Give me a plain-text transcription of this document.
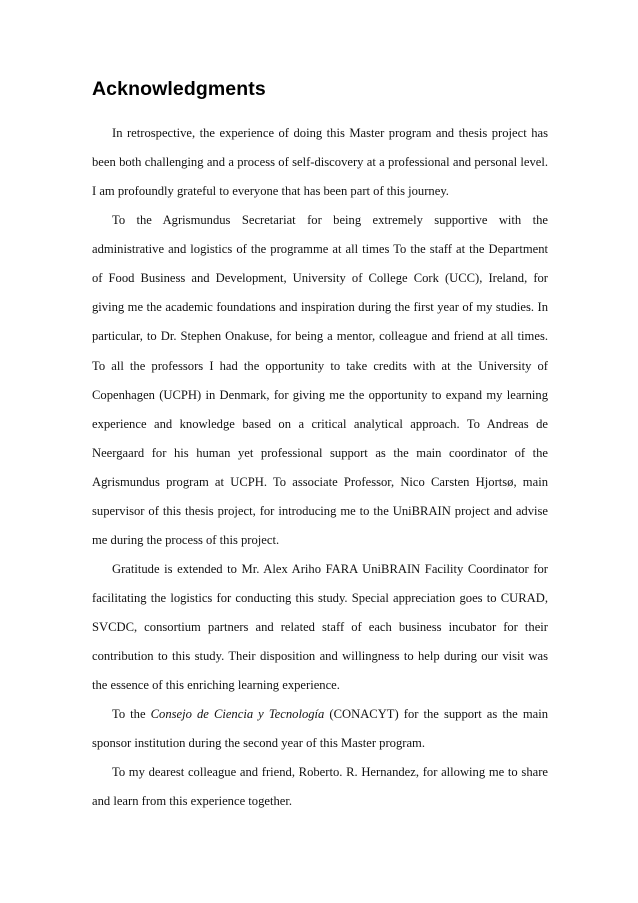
Acknowledgments

In retrospective, the experience of doing this Master program and thesis project has been both challenging and a process of self-discovery at a professional and personal level. I am profoundly grateful to everyone that has been part of this journey.

To the Agrismundus Secretariat for being extremely supportive with the administrative and logistics of the programme at all times To the staff at the Department of Food Business and Development, University of College Cork (UCC), Ireland, for giving me the academic foundations and inspiration during the first year of my studies. In particular, to Dr. Stephen Onakuse, for being a mentor, colleague and friend at all times. To all the professors I had the opportunity to take credits with at the University of Copenhagen (UCPH) in Denmark, for giving me the opportunity to expand my learning experience and knowledge based on a critical analytical approach. To Andreas de Neergaard for his human yet professional support as the main coordinator of the Agrismundus program at UCPH. To associate Professor, Nico Carsten Hjortsø, main supervisor of this thesis project, for introducing me to the UniBRAIN project and advise me during the process of this project.

Gratitude is extended to Mr. Alex Ariho FARA UniBRAIN Facility Coordinator for facilitating the logistics for conducting this study. Special appreciation goes to CURAD, SVCDC, consortium partners and related staff of each business incubator for their contribution to this study. Their disposition and willingness to help during our visit was the essence of this enriching learning experience.

To the Consejo de Ciencia y Tecnología (CONACYT) for the support as the main sponsor institution during the second year of this Master program.

To my dearest colleague and friend, Roberto. R. Hernandez, for allowing me to share and learn from this experience together.
